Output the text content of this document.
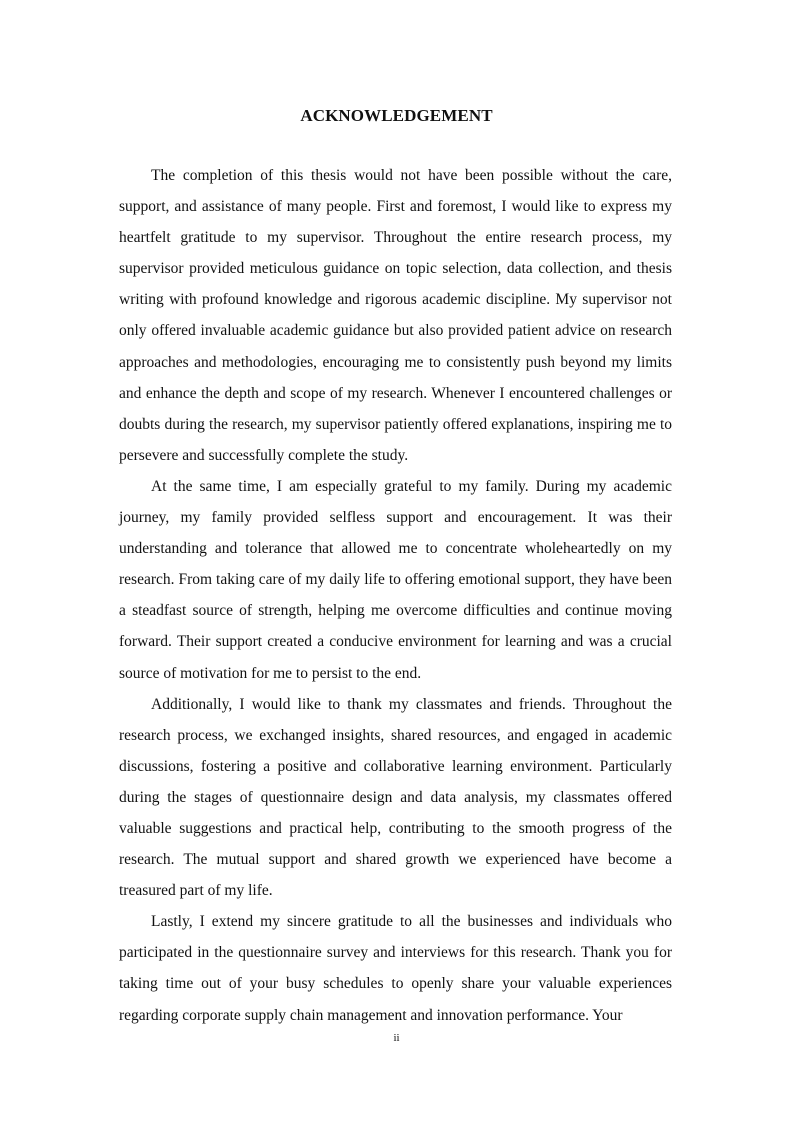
ACKNOWLEDGEMENT

The completion of this thesis would not have been possible without the care, support, and assistance of many people. First and foremost, I would like to express my heartfelt gratitude to my supervisor. Throughout the entire research process, my supervisor provided meticulous guidance on topic selection, data collection, and thesis writing with profound knowledge and rigorous academic discipline. My supervisor not only offered invaluable academic guidance but also provided patient advice on research approaches and methodologies, encouraging me to consistently push beyond my limits and enhance the depth and scope of my research. Whenever I encountered challenges or doubts during the research, my supervisor patiently offered explanations, inspiring me to persevere and successfully complete the study.

At the same time, I am especially grateful to my family. During my academic journey, my family provided selfless support and encouragement. It was their understanding and tolerance that allowed me to concentrate wholeheartedly on my research. From taking care of my daily life to offering emotional support, they have been a steadfast source of strength, helping me overcome difficulties and continue moving forward. Their support created a conducive environment for learning and was a crucial source of motivation for me to persist to the end.

Additionally, I would like to thank my classmates and friends. Throughout the research process, we exchanged insights, shared resources, and engaged in academic discussions, fostering a positive and collaborative learning environment. Particularly during the stages of questionnaire design and data analysis, my classmates offered valuable suggestions and practical help, contributing to the smooth progress of the research. The mutual support and shared growth we experienced have become a treasured part of my life.

Lastly, I extend my sincere gratitude to all the businesses and individuals who participated in the questionnaire survey and interviews for this research. Thank you for taking time out of your busy schedules to openly share your valuable experiences regarding corporate supply chain management and innovation performance. Your

ii
